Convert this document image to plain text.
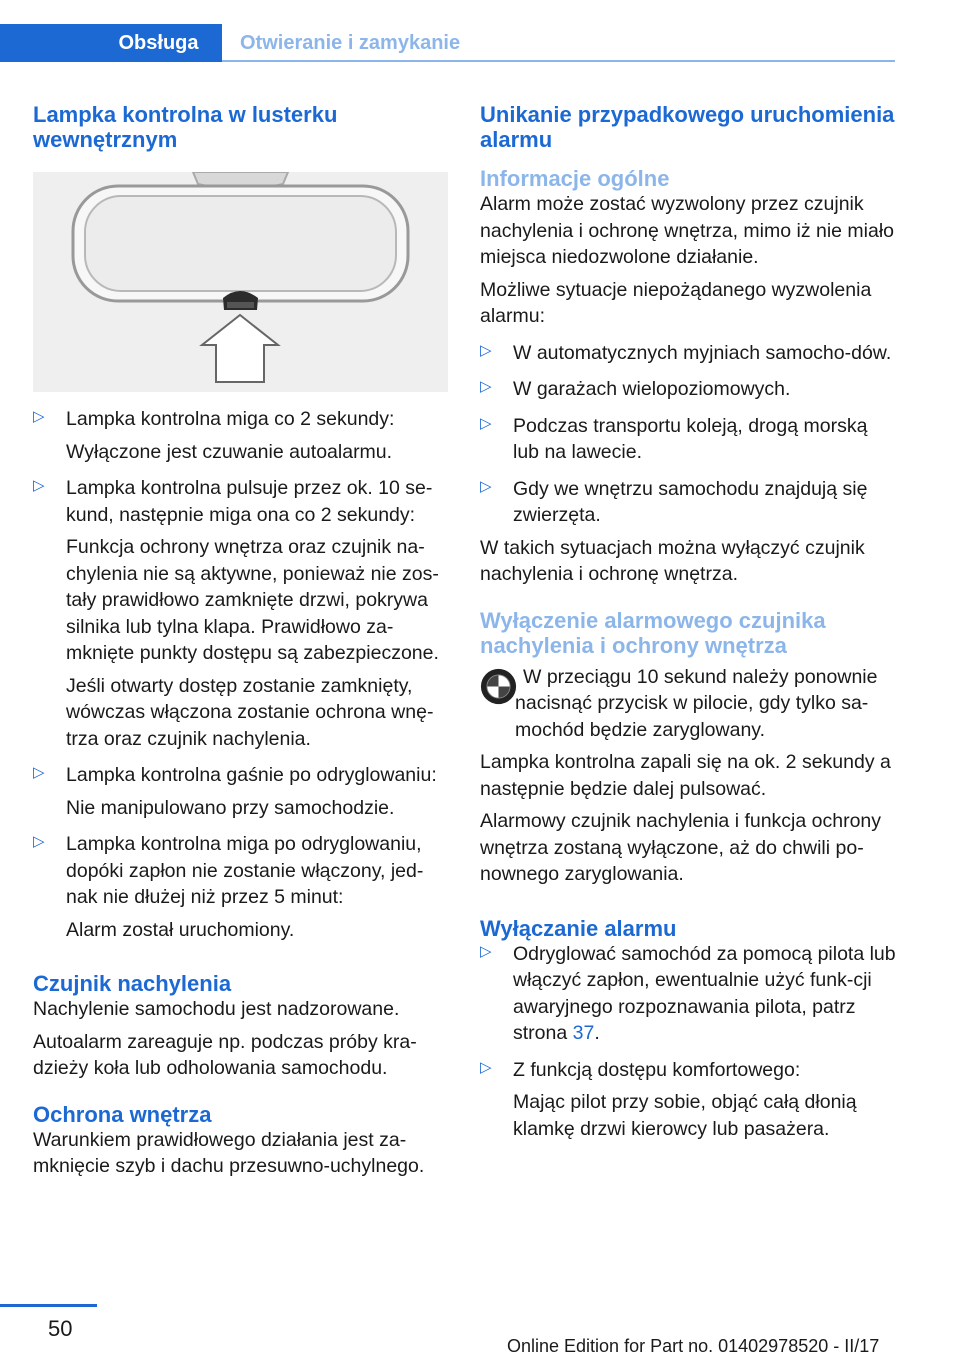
Obsługa	Otwieranie i zamykanie
Lampka kontrolna w lusterku wewnętrznym
▷ Lampka kontrolna miga co 2 sekundy:

Wyłączone jest czuwanie autoalarmu.

▷ Lampka kontrolna pulsuje przez ok. 10 se‐kund, następnie miga ona co 2 sekundy:

Funkcja ochrony wnętrza oraz czujnik na‐chylenia nie są aktywne, ponieważ nie zos‐tały prawidłowo zamknięte drzwi, pokrywa silnika lub tylna klapa. Prawidłowo za‐mknięte punkty dostępu są zabezpieczone.

Jeśli otwarty dostęp zostanie zamknięty, wówczas włączona zostanie ochrona wnę‐trza oraz czujnik nachylenia.

▷ Lampka kontrolna gaśnie po odryglowaniu:

Nie manipulowano przy samochodzie.

▷ Lampka kontrolna miga po odryglowaniu, dopóki zapłon nie zostanie włączony, jed‐nak nie dłużej niż przez 5 minut:

Alarm został uruchomiony.

Czujnik nachylenia

Nachylenie samochodu jest nadzorowane.

Autoalarm zareaguje np. podczas próby kra‐dzieży koła lub odholowania samochodu.

Ochrona wnętrza

Warunkiem prawidłowego działania jest za‐mknięcie szyb i dachu przesuwno-uchylnego.

Unikanie przypadkowego uruchomienia alarmu
Informacje ogólne

Alarm może zostać wyzwolony przez czujnik nachylenia i ochronę wnętrza, mimo iż nie miało miejsca niedozwolone działanie.

Możliwe sytuacje niepożądanego wyzwolenia alarmu:

▷ W automatycznych myjniach samocho‐dów.

▷ W garażach wielopoziomowych.

▷ Podczas transportu koleją, drogą morską lub na lawecie.

▷ Gdy we wnętrzu samochodu znajdują się zwierzęta.

W takich sytuacjach można wyłączyć czujnik nachylenia i ochronę wnętrza.

Wyłączenie alarmowego czujnika nachylenia i ochrony wnętrza

W przeciągu 10 sekund należy ponownie nacisnąć przycisk w pilocie, gdy tylko sa‐mochód będzie zaryglowany.

Lampka kontrolna zapali się na ok. 2 sekundy a następnie będzie dalej pulsować.

Alarmowy czujnik nachylenia i funkcja ochrony wnętrza zostaną wyłączone, aż do chwili po‐nownego zaryglowania.

Wyłączanie alarmu
▷ Odryglować samochód za pomocą pilota lub włączyć zapłon, ewentualnie użyć funk‐cji awaryjnego rozpoznawania pilota, patrz strona 37.

▷ Z funkcją dostępu komfortowego:

Mając pilot przy sobie, objąć całą dłonią klamkę drzwi kierowcy lub pasażera.

50
Online Edition for Part no. 01402978520 - II/17
